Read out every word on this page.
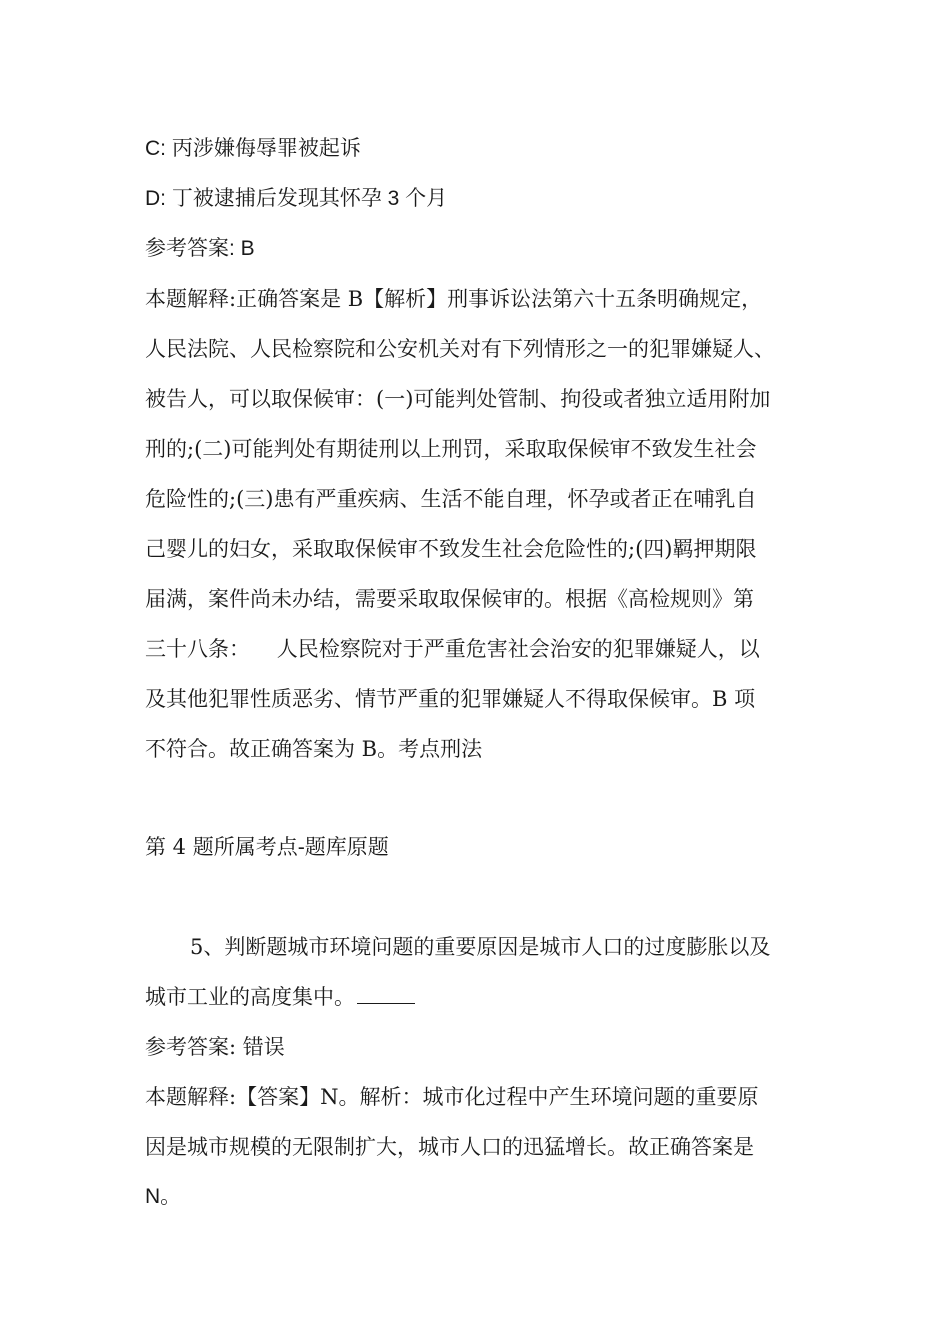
C: 丙涉嫌侮辱罪被起诉
D: 丁被逮捕后发现其怀孕 3 个月
参考答案: B
本题解释:正确答案是 B【解析】刑事诉讼法第六十五条明确规定，
人民法院、人民检察院和公安机关对有下列情形之一的犯罪嫌疑人、
被告人，可以取保候审：(一)可能判处管制、拘役或者独立适用附加
刑的;(二)可能判处有期徒刑以上刑罚，采取取保候审不致发生社会
危险性的;(三)患有严重疾病、生活不能自理，怀孕或者正在哺乳自
己婴儿的妇女，采取取保候审不致发生社会危险性的;(四)羁押期限
届满，案件尚未办结，需要采取取保候审的。根据《高检规则》第
三十八条：    人民检察院对于严重危害社会治安的犯罪嫌疑人，以
及其他犯罪性质恶劣、情节严重的犯罪嫌疑人不得取保候审。B 项
不符合。故正确答案为 B。考点刑法
第 4 题所属考点-题库原题
5、判断题城市环境问题的重要原因是城市人口的过度膨胀以及
城市工业的高度集中。
参考答案: 错误
本题解释:【答案】N。解析：城市化过程中产生环境问题的重要原
因是城市规模的无限制扩大，城市人口的迅猛增长。故正确答案是
N。
